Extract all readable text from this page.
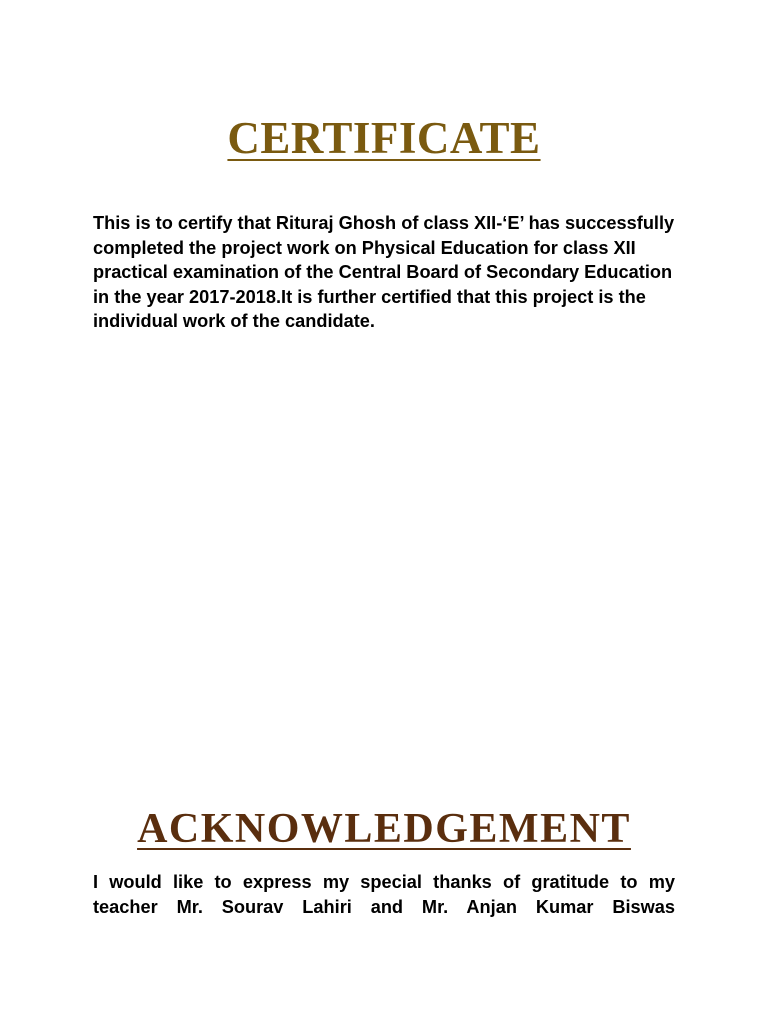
CERTIFICATE

This is to certify that Rituraj Ghosh of class XII-‘E’ has successfully completed the project work on Physical Education for class XII practical examination of the Central Board of Secondary Education in the year 2017-2018.It is further certified that this project is the individual work of the candidate.

ACKNOWLEDGEMENT

I would like to express my special thanks of gratitude to my teacher Mr. Sourav Lahiri and Mr. Anjan Kumar Biswas
